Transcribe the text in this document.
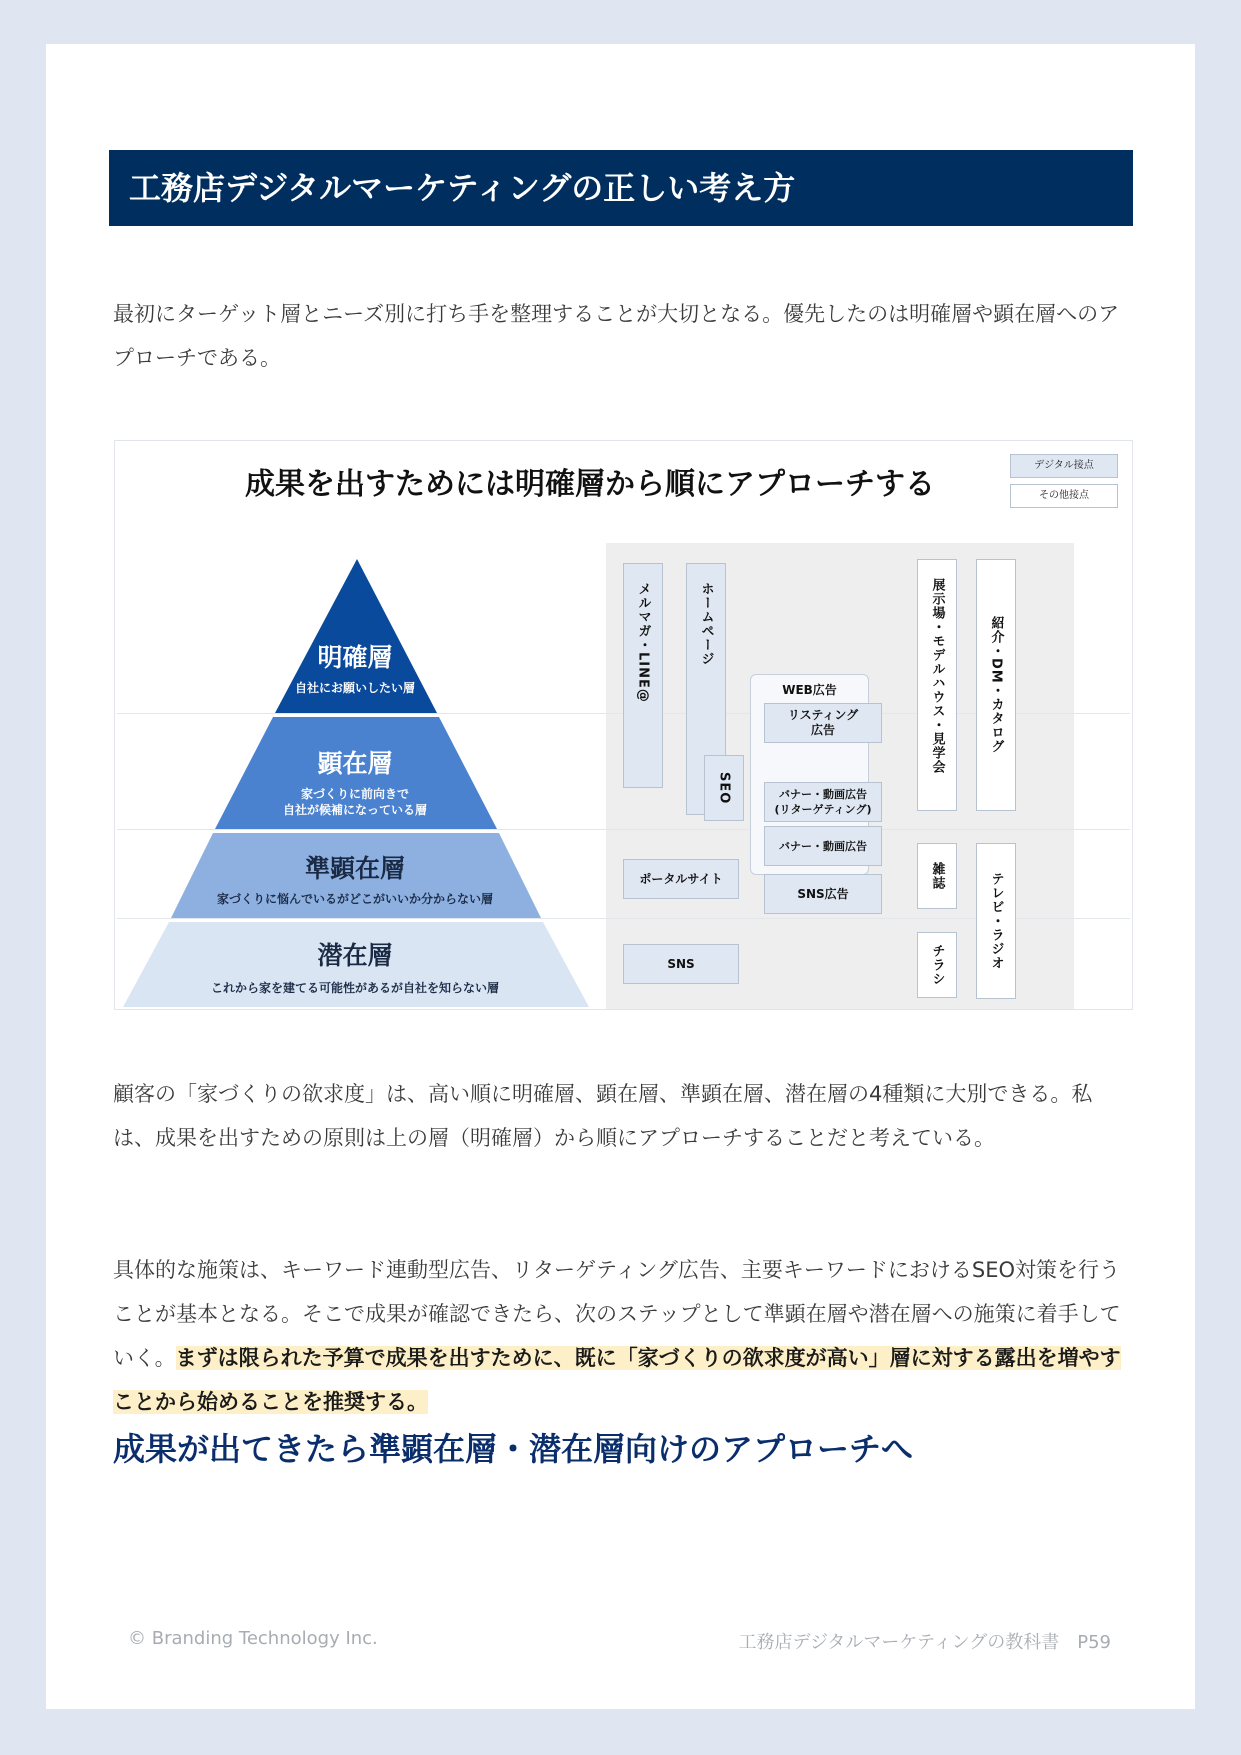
工務店デジタルマーケティングの正しい考え方

最初にターゲット層とニーズ別に打ち手を整理することが大切となる。優先したのは明確層や顕在層へのアプローチである。

成果を出すためには明確層から順にアプローチする
デジタル接点
その他接点
明確層
自社にお願いしたい層
顕在層
家づくりに前向きで
自社が候補になっている層
準顕在層
家づくりに悩んでいるがどこがいいか分からない層
潜在層
これから家を建てる可能性があるが自社を知らない層
メルマガ・LINE@	ホームページ
SEO
ポータルサイト
SNS
WEB広告
リスティング
広告
バナー・動画広告
(リターゲティング)
バナー・動画広告
SNS広告
展示場・モデルハウス・見学会	紹介・DM・カタログ
雑誌	テレビ・ラジオ
チラシ

顧客の「家づくりの欲求度」は、高い順に明確層、顕在層、準顕在層、潜在層の4種類に大別できる。私は、成果を出すための原則は上の層（明確層）から順にアプローチすることだと考えている。

具体的な施策は、キーワード連動型広告、リターゲティング広告、主要キーワードにおけるSEO対策を行うことが基本となる。そこで成果が確認できたら、次のステップとして準顕在層や潜在層への施策に着手していく。まずは限られた予算で成果を出すために、既に「家づくりの欲求度が高い」層に対する露出を増やすことから始めることを推奨する。

成果が出てきたら準顕在層・潜在層向けのアプローチへ
© Branding Technology Inc.	工務店デジタルマーケティングの教科書　P59
